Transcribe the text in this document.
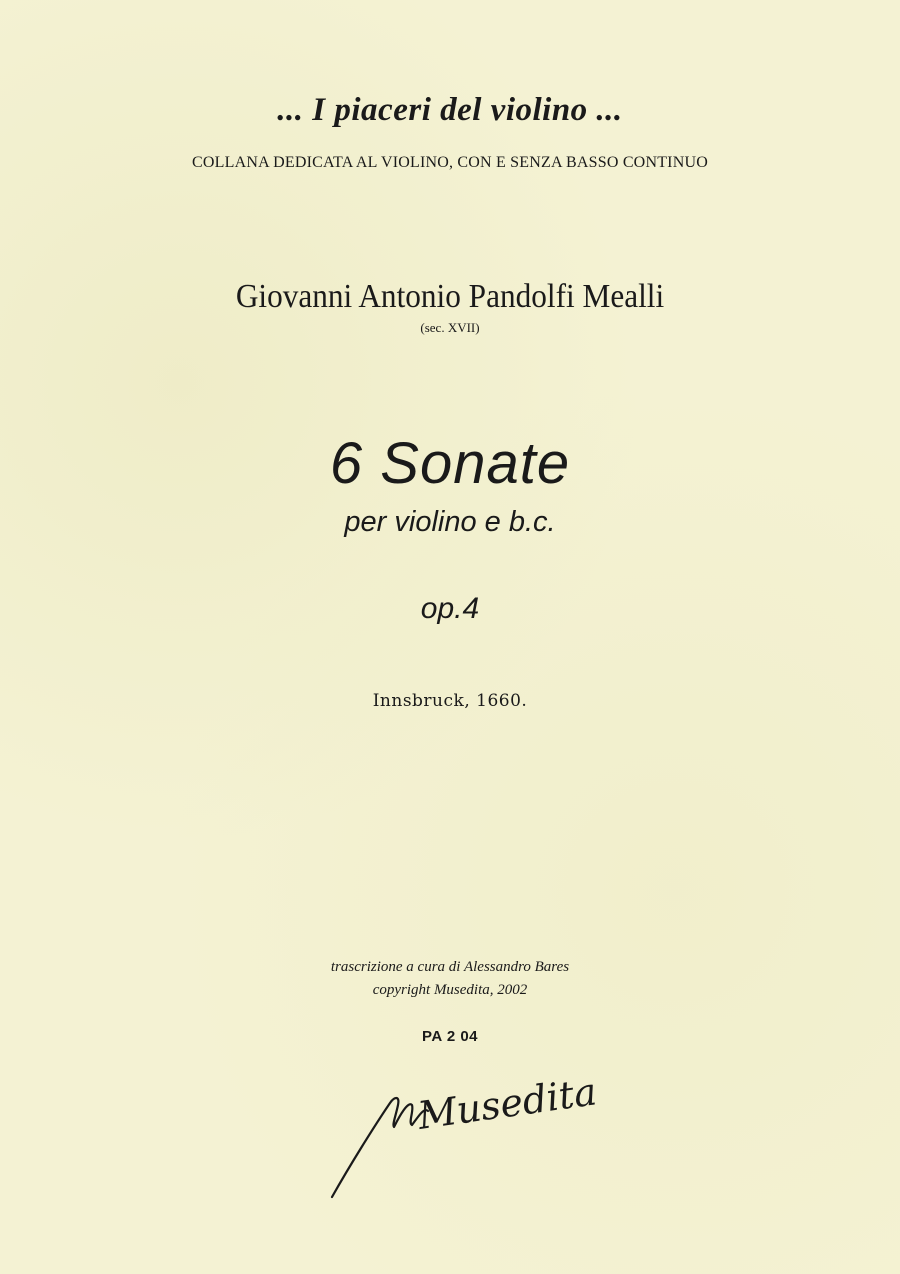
... I piaceri del violino ...
COLLANA DEDICATA AL VIOLINO, CON E SENZA BASSO CONTINUO
Giovanni Antonio Pandolfi Mealli
(sec. XVII)
6 Sonate
per violino e b.c.
op.4
Innsbruck, 1660.
trascrizione a cura di Alessandro Bares
copyright Musedita, 2002
PA 2 04
Musedita
